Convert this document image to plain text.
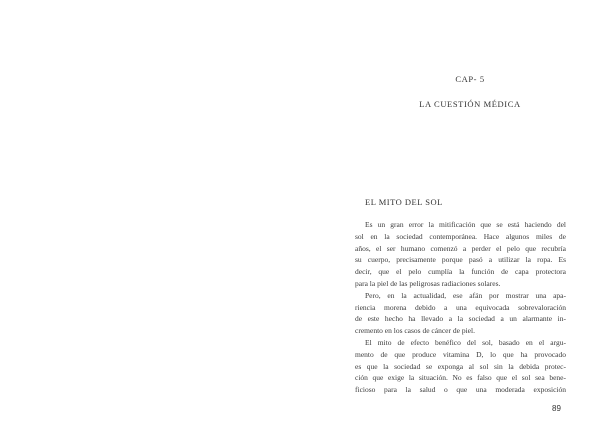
CAP- 5
LA CUESTIÓN MÉDICA
EL MITO DEL SOL
Es un gran error la mitificación que se está haciendo del
sol en la sociedad contemporánea. Hace algunos miles de
años, el ser humano comenzó a perder el pelo que recubría
su cuerpo, precisamente porque pasó a utilizar la ropa. Es
decir, que el pelo cumplía la función de capa protectora
para la piel de las peligrosas radiaciones solares.
Pero, en la actualidad, ese afán por mostrar una apa-
riencia morena debido a una equivocada sobrevaloración
de este hecho ha llevado a la sociedad a un alarmante in-
cremento en los casos de cáncer de piel.
El mito de efecto benéfico del sol, basado en el argu-
mento de que produce vitamina D, lo que ha provocado
es que la sociedad se exponga al sol sin la debida protec-
ción que exige la situación. No es falso que el sol sea bene-
ficioso para la salud o que una moderada exposición
89
